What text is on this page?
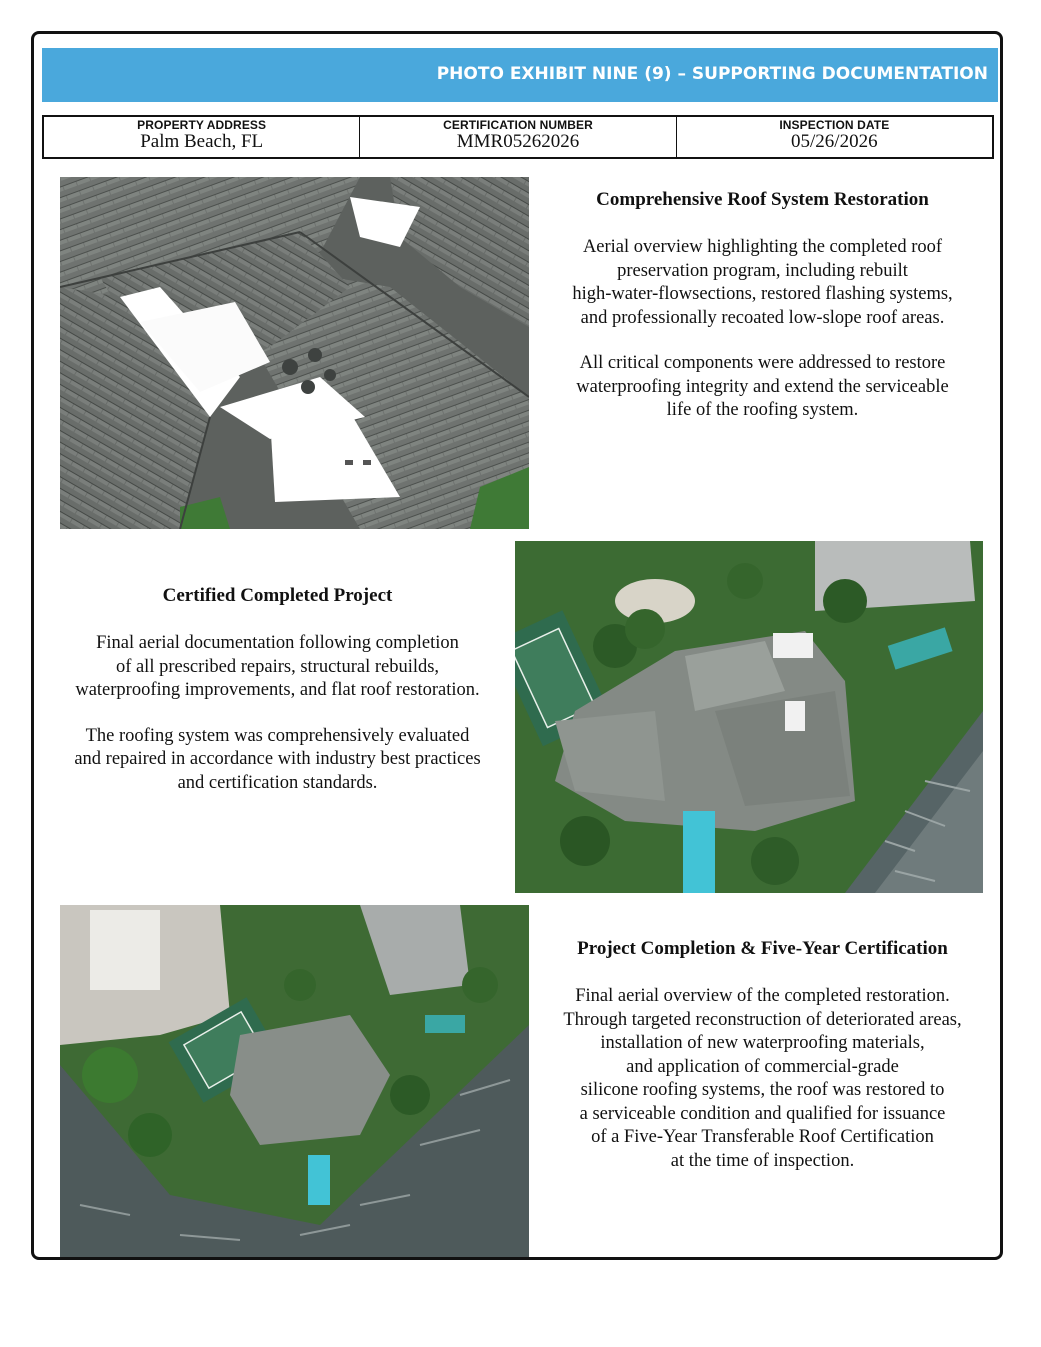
PHOTO EXHIBIT NINE (9) – SUPPORTING DOCUMENTATION
PROPERTY ADDRESS
Palm Beach, FL
CERTIFICATION NUMBER
MMR05262026
INSPECTION DATE
05/26/2026
Comprehensive Roof System Restoration

Aerial overview highlighting the completed roof
preservation program, including rebuilt
high-water-flowsections, restored flashing systems,
and professionally recoated low-slope roof areas.

All critical components were addressed to restore
waterproofing integrity and extend the serviceable
life of the roofing system.

Certified Completed Project

Final aerial documentation following completion
of all prescribed repairs, structural rebuilds,
waterproofing improvements, and flat roof restoration.

The roofing system was comprehensively evaluated
and repaired in accordance with industry best practices
and certification standards.

Project Completion & Five-Year Certification

Final aerial overview of the completed restoration.
Through targeted reconstruction of deteriorated areas,
installation of new waterproofing materials,
and application of commercial-grade
silicone roofing systems, the roof was restored to
a serviceable condition and qualified for issuance
of a Five-Year Transferable Roof Certification
at the time of inspection.
